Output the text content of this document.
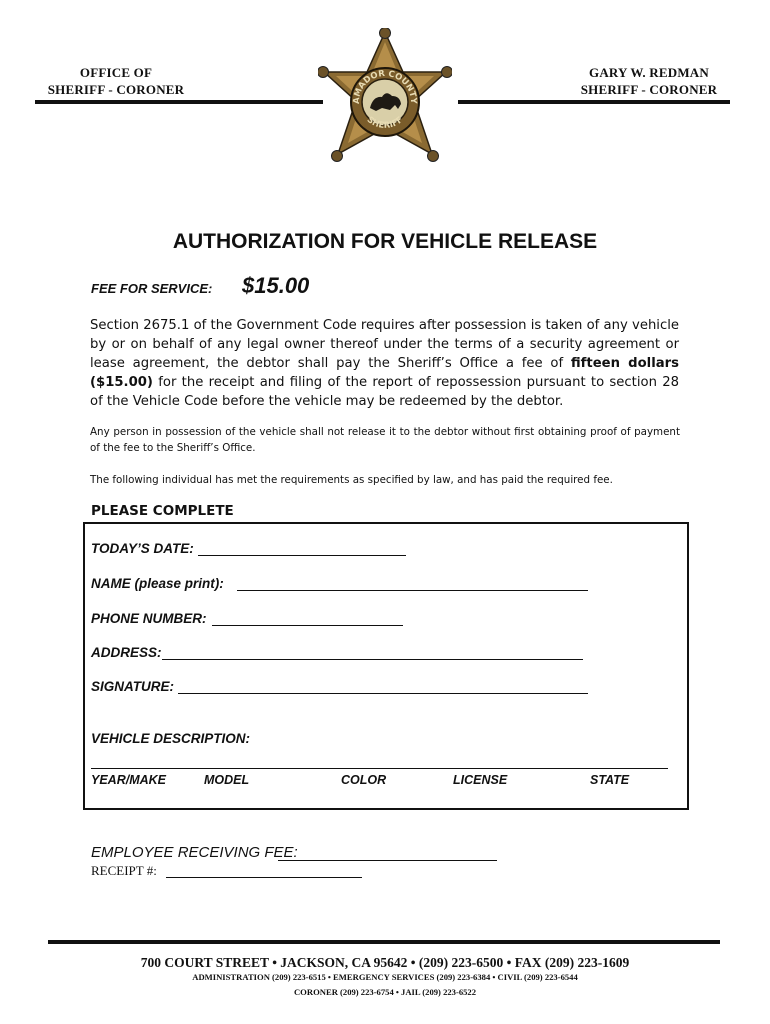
OFFICE OF
SHERIFF - CORONER
GARY W. REDMAN
SHERIFF - CORONER
AMADOR COUNTY
SHERIFF
AUTHORIZATION FOR VEHICLE RELEASE
FEE FOR SERVICE: $15.00
Section 2675.1 of the Government Code requires after possession is taken of any vehicle by or on behalf of any legal owner thereof under the terms of a security agreement or lease agreement, the debtor shall pay the Sheriff’s Office a fee of fifteen dollars ($15.00) for the receipt and filing of the report of repossession pursuant to section 28 of the Vehicle Code before the vehicle may be redeemed by the debtor.
Any person in possession of the vehicle shall not release it to the debtor without first obtaining proof of payment of the fee to the Sheriff’s Office.
The following individual has met the requirements as specified by law, and has paid the required fee.
PLEASE COMPLETE
TODAY’S DATE:
NAME (please print):
PHONE NUMBER:
ADDRESS:
SIGNATURE:
VEHICLE DESCRIPTION:
YEAR/MAKE	MODEL	COLOR	LICENSE	STATE
EMPLOYEE RECEIVING FEE:
RECEIPT #:
700 COURT STREET • JACKSON, CA 95642 • (209) 223-6500 • FAX (209) 223-1609
ADMINISTRATION (209) 223-6515 • EMERGENCY SERVICES (209) 223-6384 • CIVIL (209) 223-6544
CORONER (209) 223-6754 • JAIL (209) 223-6522
